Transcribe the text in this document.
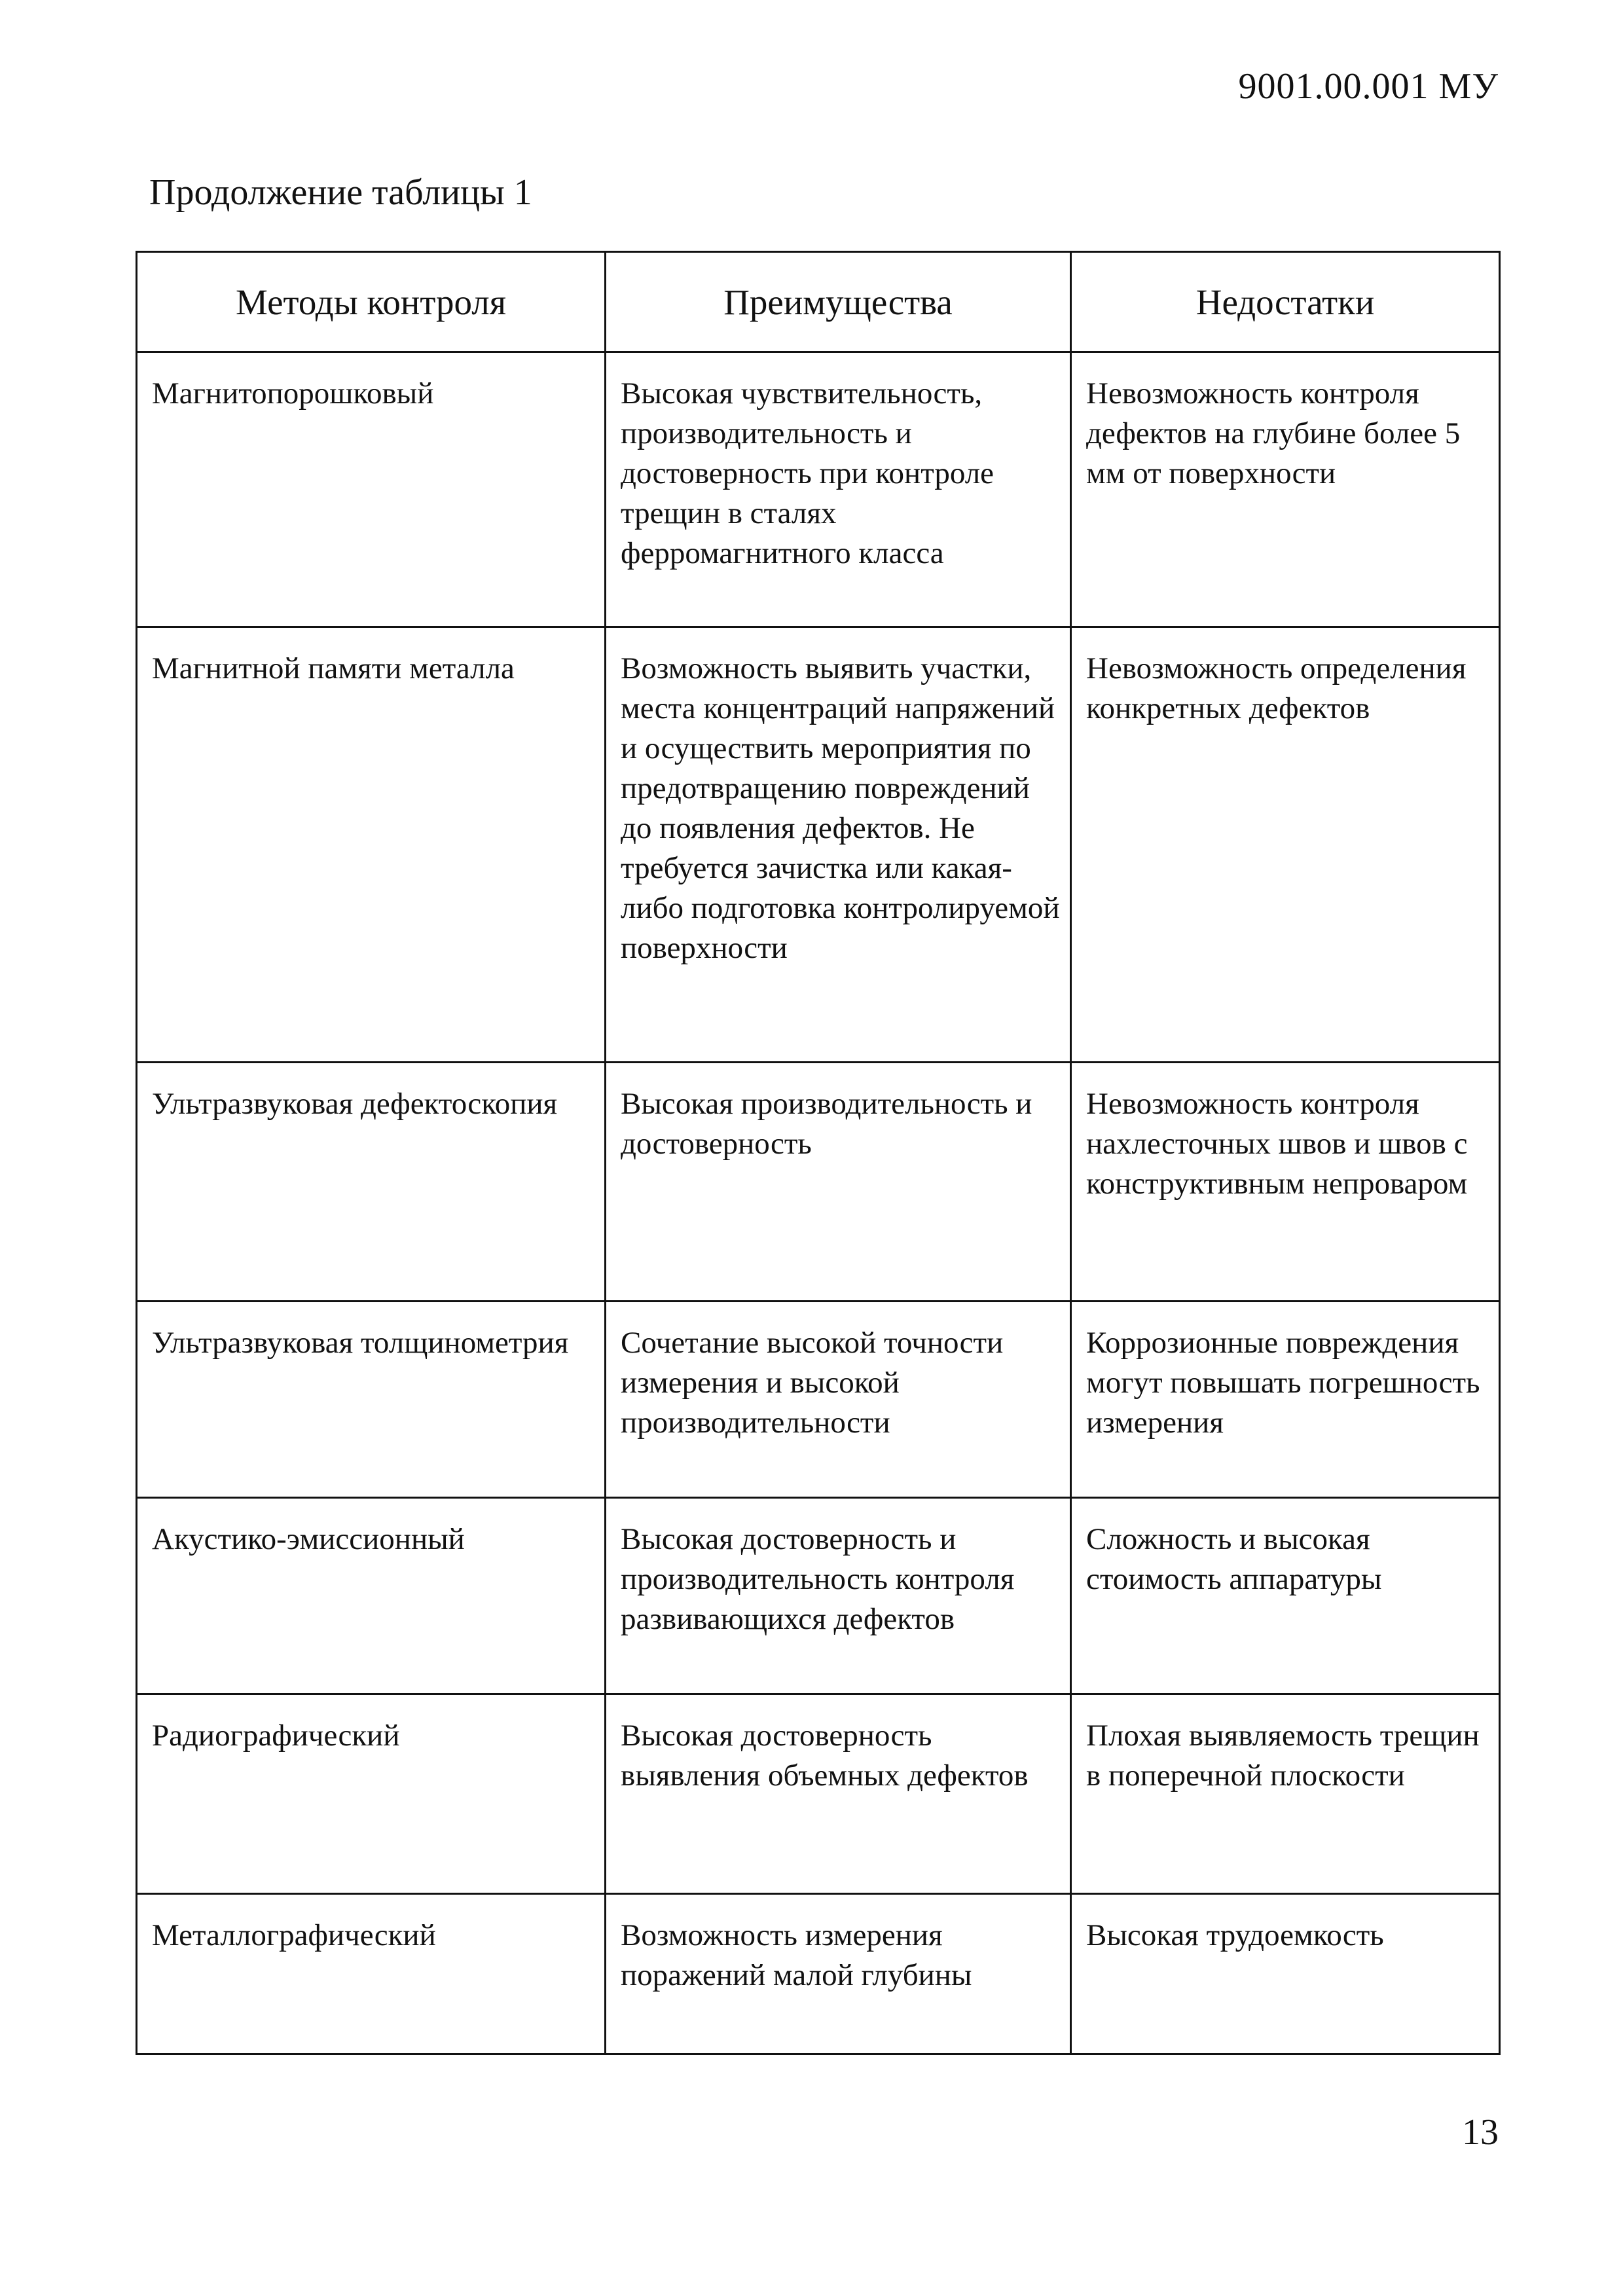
9001.00.001 МУ
Продолжение таблицы 1
Методы контроля	Преимущества	Недостатки
Магнитопорошковый	Высокая чувствительность, производительность и достоверность при контроле трещин в сталях ферромагнитного класса	Невозможность контроля дефектов на глубине более 5 мм от поверхности
Магнитной памяти металла	Возможность выявить участки, места концентраций напряжений и осуществить мероприятия по предотвращению повреждений до появления дефектов. Не требуется зачистка или какая-либо подготовка контролируемой поверхности	Невозможность определения конкретных дефектов
Ультразвуковая дефектоскопия	Высокая производительность и достоверность	Невозможность контроля нахлесточных швов и швов с конструктивным непроваром
Ультразвуковая толщинометрия	Сочетание высокой точности измерения и высокой производительности	Коррозионные повреждения могут повышать погрешность измерения
Акустико-эмиссионный	Высокая достоверность и производительность контроля развивающихся дефектов	Сложность и высокая стоимость аппаратуры
Радиографический	Высокая достоверность выявления объемных дефектов	Плохая выявляемость трещин в поперечной плоскости
Металлографический	Возможность измерения поражений малой глубины	Высокая трудоемкость
13
